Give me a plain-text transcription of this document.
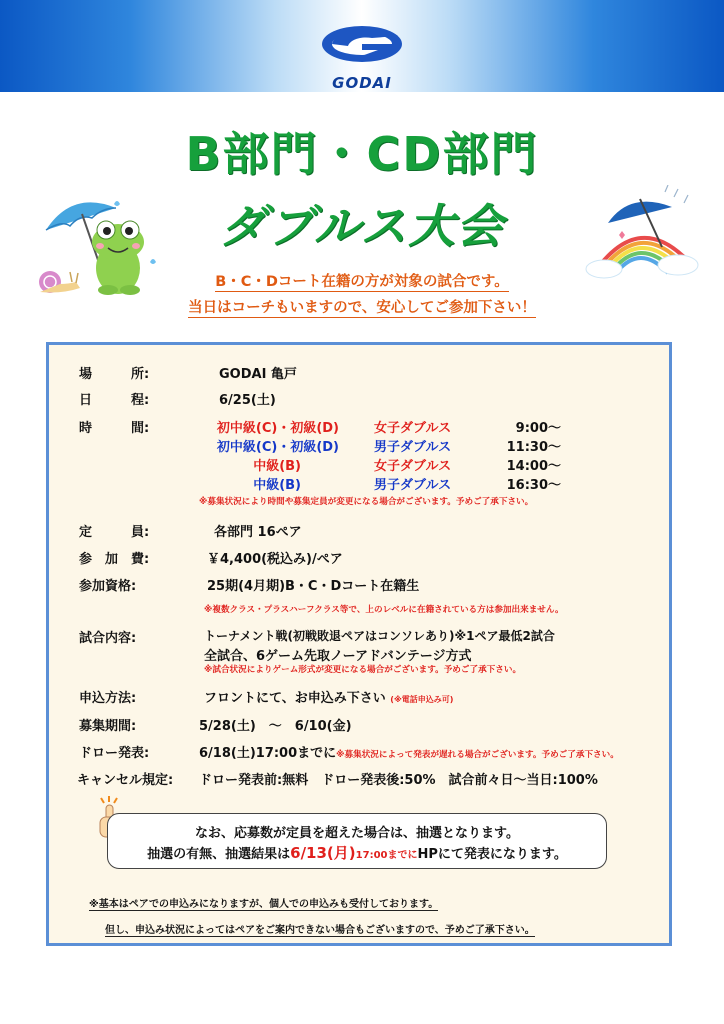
GODAI
B部門・CD部門
ダブルス大会
B・C・Dコート在籍の方が対象の試合です。
当日はコーチもいますので、安心してご参加下さい！
場　　　所:	GODAI 亀戸
日　　　程:	6/25(土)
時　　　間:	初中級(C)・初級(D)	女子ダブルス	9:00～
初中級(C)・初級(D)	男子ダブルス	11:30～
中級(B)	女子ダブルス	14:00～
中級(B)	男子ダブルス	16:30～
※募集状況により時間や募集定員が変更になる場合がございます。予めご了承下さい。
定　　　員:	各部門 16ペア
参　加　費:	￥4,400(税込み)/ペア
参加資格:	25期(4月期)B・C・Dコート在籍生
※複数クラス・プラスハーフクラス等で、上のレベルに在籍されている方は参加出来ません。
試合内容:	トーナメント戦(初戦敗退ペアはコンソレあり)※1ペア最低2試合
全試合、6ゲーム先取ノーアドバンテージ方式
※試合状況によりゲーム形式が変更になる場合がございます。予めご了承下さい。
申込方法:	フロントにて、お申込み下さい (※電話申込み可)
募集期間:	5/28(土)　～　6/10(金)
ドロー発表:	6/18(土)17:00までに※募集状況によって発表が遅れる場合がございます。予めご了承下さい。
キャンセル規定: ドロー発表前:無料　ドロー発表後:50%　試合前々日～当日:100%
なお、応募数が定員を超えた場合は、抽選となります。
抽選の有無、抽選結果は6/13(月)17:00までにHPにて発表になります。
※基本はペアでの申込みになりますが、個人での申込みも受付しております。
但し、申込み状況によってはペアをご案内できない場合もございますので、予めご了承下さい。
